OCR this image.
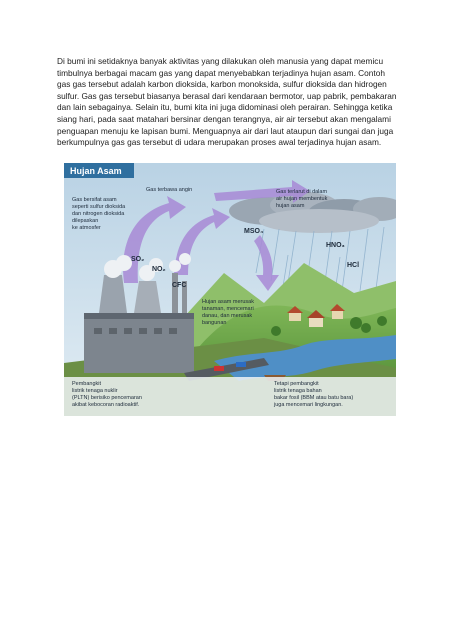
Di bumi ini setidaknya banyak aktivitas yang dilakukan oleh manusia yang dapat memicu
timbulnya berbagai macam gas yang dapat menyebabkan terjadinya hujan asam. Contoh
gas gas tersebut adalah karbon dioksida, karbon monoksida, sulfur dioksida dan hidrogen
sulfur. Gas gas tersebut biasanya berasal dari kendaraan bermotor, uap pabrik, pembakaran
dan lain sebagainya. Selain itu, bumi kita ini juga didominasi oleh perairan. Sehingga ketika
siang hari, pada saat matahari bersinar dengan terangnya, air air tersebut akan mengalami
penguapan menuju ke lapisan bumi. Menguapnya air dari laut ataupun dari sungai dan juga
berkumpulnya gas gas tersebut di udara merupakan proses awal terjadinya hujan asam.
Hujan Asam
SO₂
NO₂
CFC
MSO₄
HNO₃
HCl
Gas terbawa angin	Gas terlarut di dalam
air hujan membentuk
hujan asam
Gas bersifat asam
seperti sulfur dioksida
dan nitrogen dioksida
dilepaskan
ke atmosfer
Hujan asam merusak
tanaman, mencemari
danau, dan merusak
bangunan
Pembangkit
listrik tenaga nuklir
(PLTN) berisiko pencemaran
akibat kebocoran radioaktif.
Tetapi pembangkit
listrik tenaga bahan
bakar fosil (BBM atau batu bara)
juga mencemari lingkungan.
